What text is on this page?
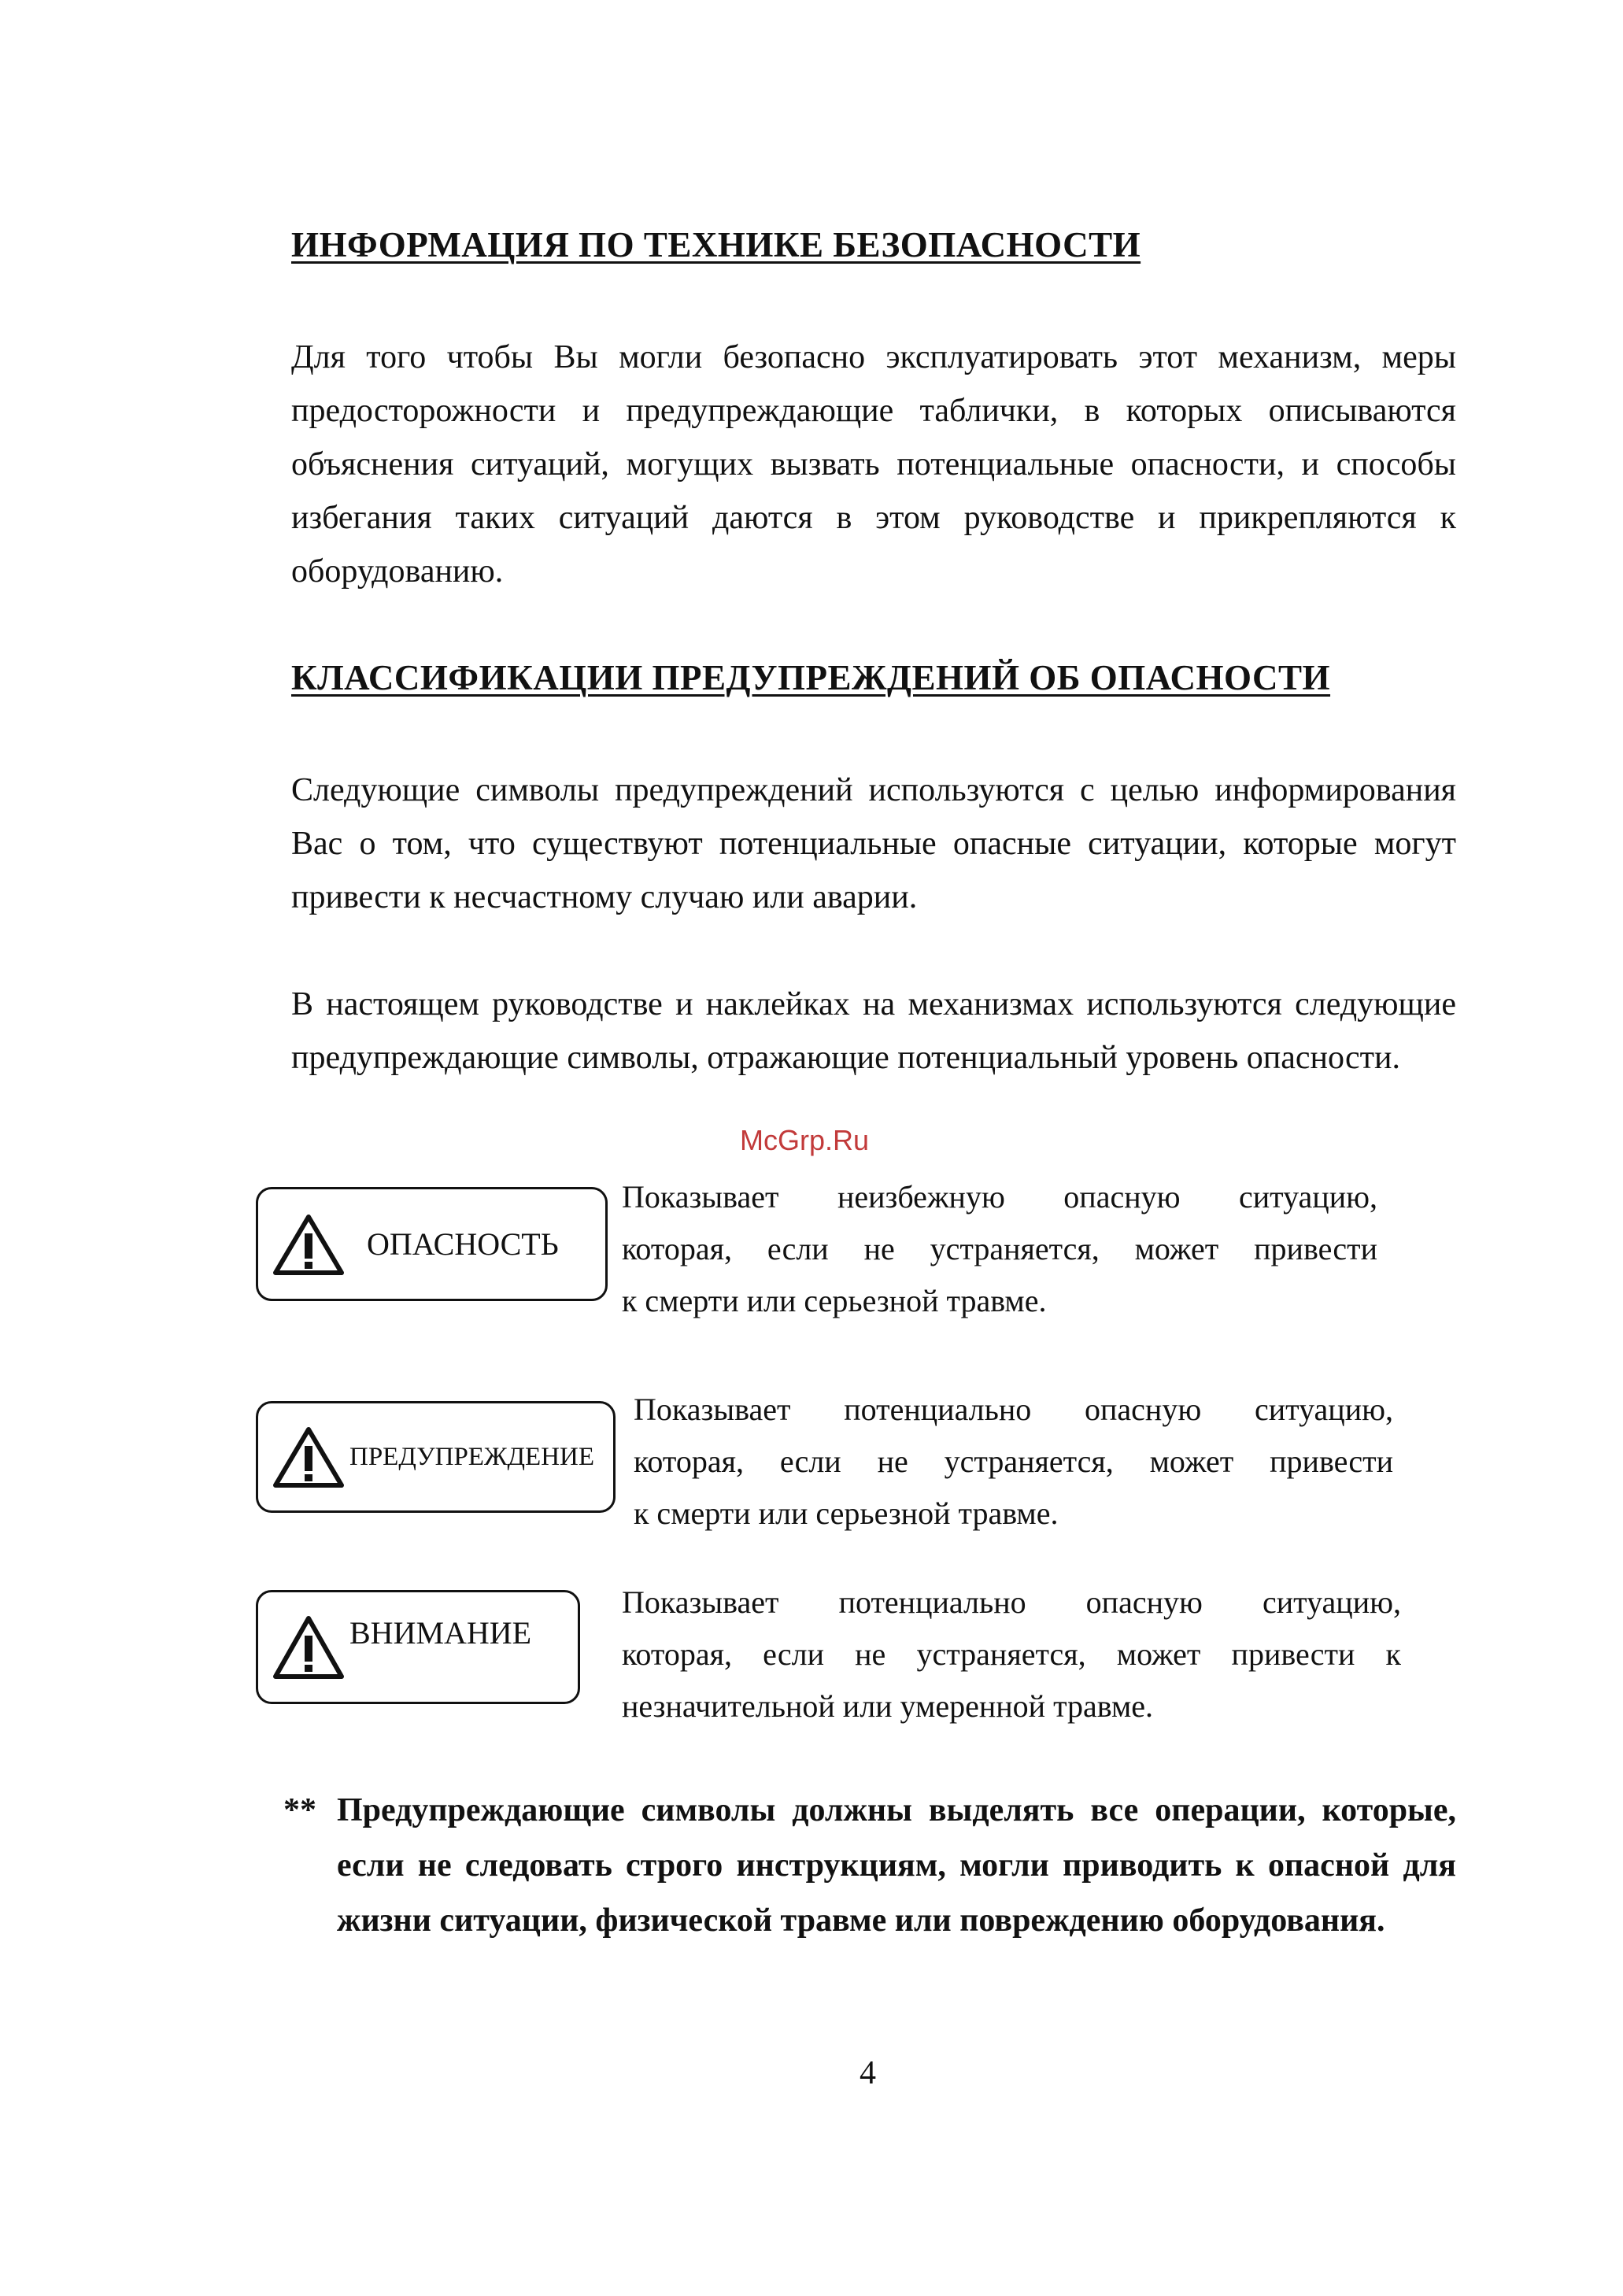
ИНФОРМАЦИЯ ПО ТЕХНИКЕ БЕЗОПАСНОСТИ
Для того чтобы Вы могли безопасно эксплуатировать этот механизм, меры предосторожности и предупреждающие таблички, в которых описываются объяснения ситуаций, могущих вызвать потенциальные опасности, и способы избегания таких ситуаций даются в этом руководстве и прикрепляются к оборудованию.
КЛАССИФИКАЦИИ ПРЕДУПРЕЖДЕНИЙ ОБ ОПАСНОСТИ
Следующие символы предупреждений используются с целью информирования Вас о том, что существуют потенциальные опасные ситуации, которые могут привести к несчастному случаю или аварии.
В настоящем руководстве и наклейках на механизмах используются следующие предупреждающие символы, отражающие потенциальный уровень опасности.
McGrp.Ru
ОПАСНОСТЬ
Показывает неизбежную опасную ситуацию,
которая, если не устраняется, может привести
к смерти или серьезной травме.
ПРЕДУПРЕЖДЕНИЕ
Показывает потенциально опасную ситуацию,
которая, если не устраняется, может привести
к смерти или серьезной травме.
ВНИМАНИЕ
Показывает потенциально опасную ситуацию,
которая, если не устраняется, может привести к
незначительной или умеренной травме.
** Предупреждающие символы должны выделять все операции, которые, если не следовать строго инструкциям, могли приводить к опасной для жизни ситуации, физической травме или повреждению оборудования.
4
